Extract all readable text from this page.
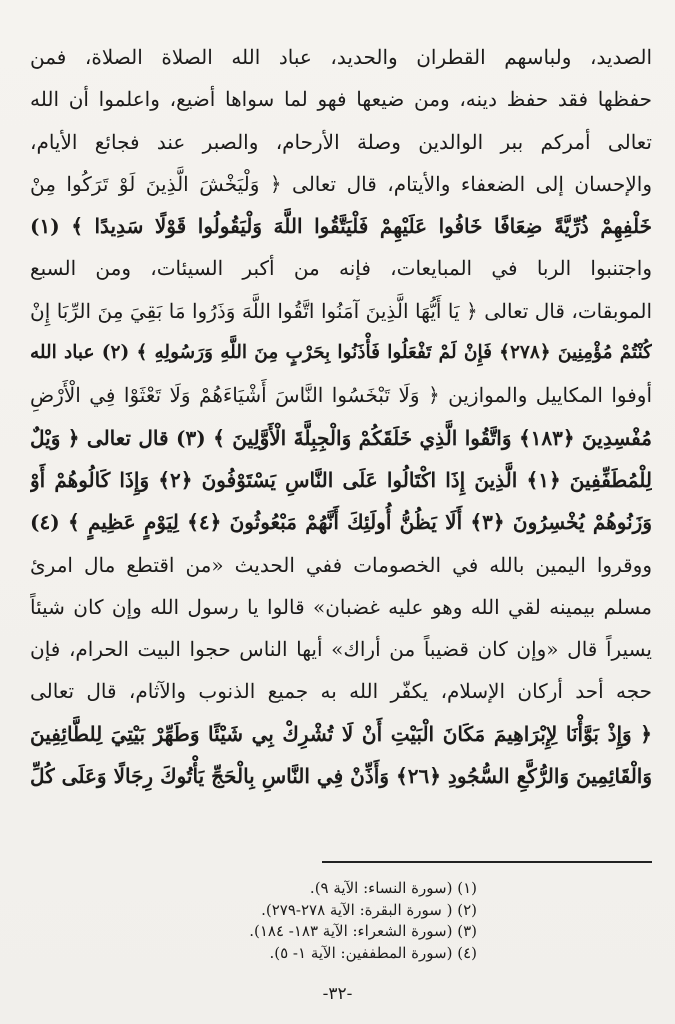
الصديد، ولباسهم القطران والحديد، عباد الله الصلاة الصلاة، فمن
حفظها فقد حفظ دينه، ومن ضيعها فهو لما سواها أضيع، واعلموا أن الله
تعالى أمركم ببر الوالدين وصلة الأرحام، والصبر عند فجائع الأيام،
والإحسان إلى الضعفاء والأيتام، قال تعالى ﴿ وَلْيَخْشَ الَّذِينَ لَوْ تَرَكُوا مِنْ
خَلْفِهِمْ ذُرِّيَّةً ضِعَافًا خَافُوا عَلَيْهِمْ فَلْيَتَّقُوا اللَّهَ وَلْيَقُولُوا قَوْلًا سَدِيدًا ﴾ (١)
واجتنبوا الربا في المبايعات، فإنه من أكبر السيئات، ومن السبع
الموبقات، قال تعالى ﴿ يَا أَيُّهَا الَّذِينَ آمَنُوا اتَّقُوا اللَّهَ وَذَرُوا مَا بَقِيَ مِنَ الرِّبَا إِنْ
كُنْتُمْ مُؤْمِنِينَ ﴿٢٧٨﴾ فَإِنْ لَمْ تَفْعَلُوا فَأْذَنُوا بِحَرْبٍ مِنَ اللَّهِ وَرَسُولِهِ ﴾ (٢) عباد الله
أوفوا المكاييل والموازين ﴿ وَلَا تَبْخَسُوا النَّاسَ أَشْيَاءَهُمْ وَلَا تَعْثَوْا فِي الْأَرْضِ
مُفْسِدِينَ ﴿١٨٣﴾ وَاتَّقُوا الَّذِي خَلَقَكُمْ وَالْجِبِلَّةَ الْأَوَّلِينَ ﴾ (٣) قال تعالى ﴿ وَيْلٌ
لِلْمُطَفِّفِينَ ﴿١﴾ الَّذِينَ إِذَا اكْتَالُوا عَلَى النَّاسِ يَسْتَوْفُونَ ﴿٢﴾ وَإِذَا كَالُوهُمْ أَوْ
وَزَنُوهُمْ يُخْسِرُونَ ﴿٣﴾ أَلَا يَظُنُّ أُولَئِكَ أَنَّهُمْ مَبْعُوثُونَ ﴿٤﴾ لِيَوْمٍ عَظِيمٍ ﴾ (٤)
ووقروا اليمين بالله في الخصومات ففي الحديث «من اقتطع مال امرئ
مسلم بيمينه لقي الله وهو عليه غضبان» قالوا يا رسول الله وإن كان شيئاً
يسيراً قال «وإن كان قضيباً من أراك» أيها الناس حجوا البيت الحرام، فإن
حجه أحد أركان الإسلام، يكفّر الله به جميع الذنوب والآثام، قال تعالى
﴿ وَإِذْ بَوَّأْنَا لِإِبْرَاهِيمَ مَكَانَ الْبَيْتِ أَنْ لَا تُشْرِكْ بِي شَيْئًا وَطَهِّرْ بَيْتِيَ لِلطَّائِفِينَ
وَالْقَائِمِينَ وَالرُّكَّعِ السُّجُودِ ﴿٢٦﴾ وَأَذِّنْ فِي النَّاسِ بِالْحَجِّ يَأْتُوكَ رِجَالًا وَعَلَى كُلِّ
(١) (سورة النساء: الآية ٩).
(٢) ( سورة البقرة: الآية ٢٧٨-٢٧٩).
(٣) (سورة الشعراء: الآية ١٨٣- ١٨٤).
(٤) (سورة المطففين: الآية ١- ٥).
-٣٢-
